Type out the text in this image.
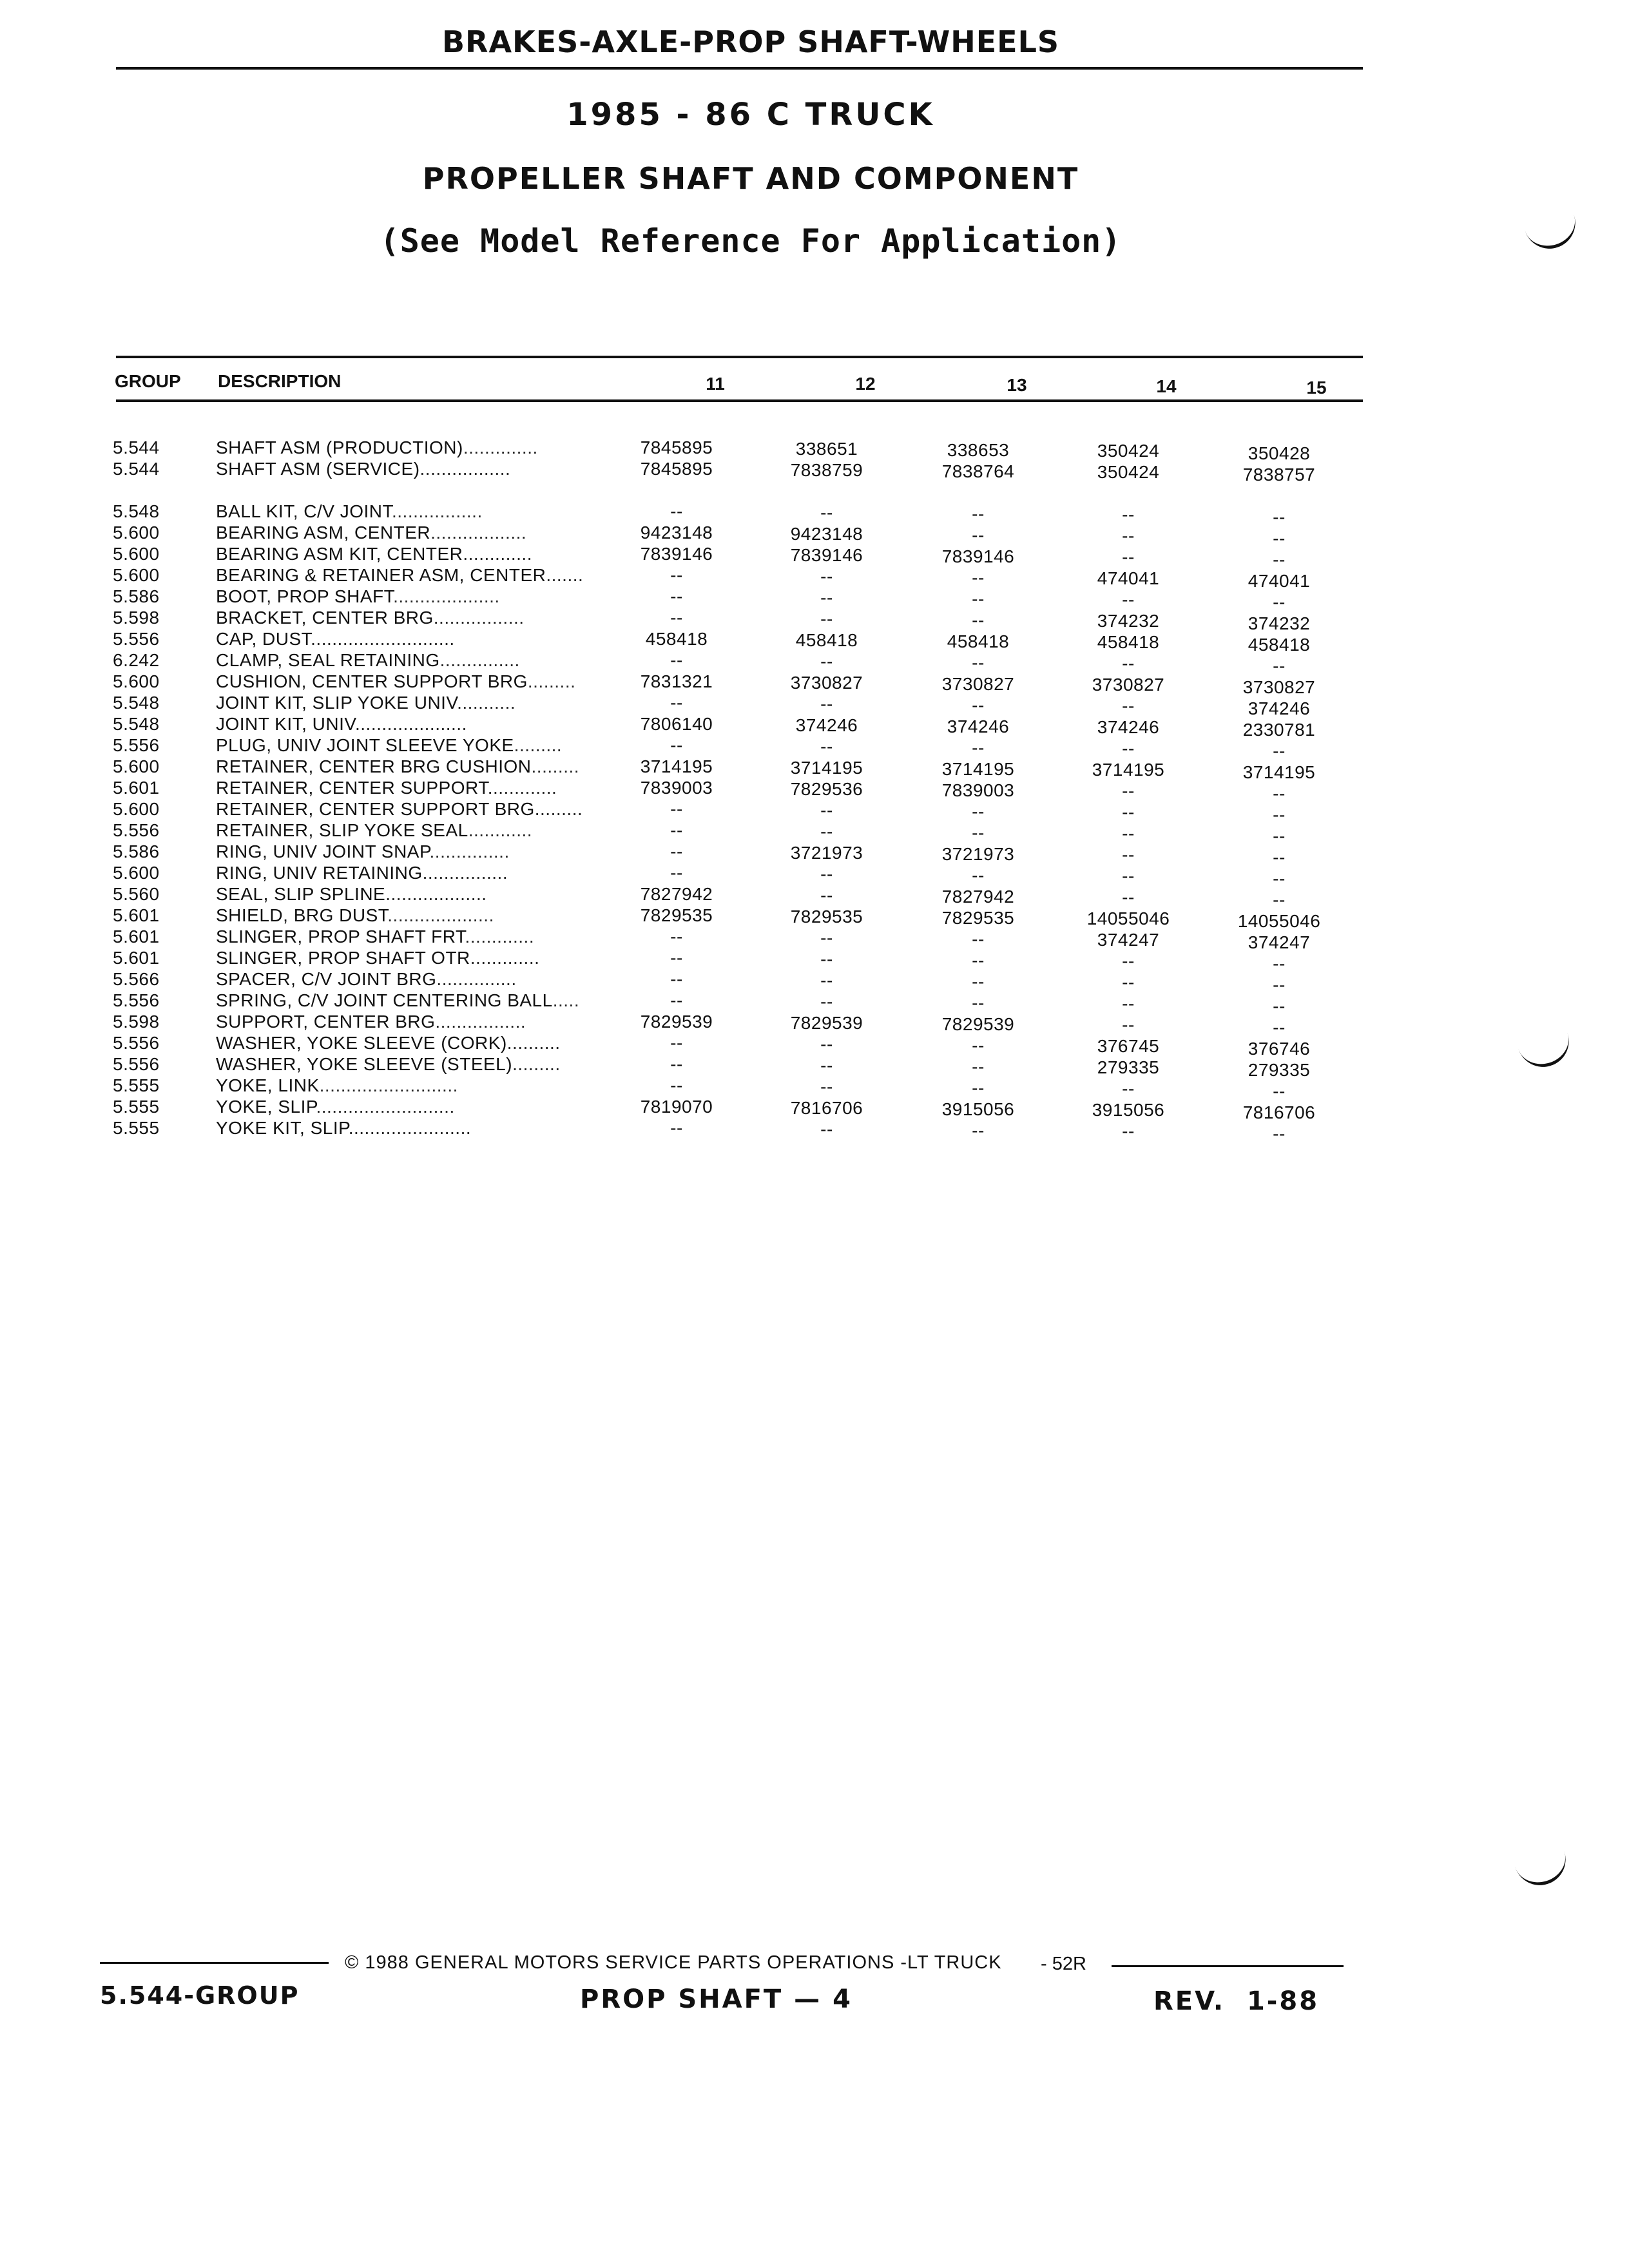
BRAKES-AXLE-PROP SHAFT-WHEELS
1985 - 86 C TRUCK
PROPELLER SHAFT AND COMPONENT
(See Model Reference For Application)
GROUP DESCRIPTION	11	12	13	14	15
5.544	SHAFT ASM (PRODUCTION)..............	7845895	338651	338653	350424	350428
5.544	SHAFT ASM (SERVICE).................	7845895	7838759	7838764	350424	7838757
5.548	BALL KIT, C/V JOINT.................	--	--	--	--	--
5.600	BEARING ASM, CENTER..................	9423148	9423148	--	--	--
5.600	BEARING ASM KIT, CENTER.............	7839146	7839146	7839146	--	--
5.600	BEARING & RETAINER ASM, CENTER.......	--	--	--	474041	474041
5.586	BOOT, PROP SHAFT....................	--	--	--	--	--
5.598	BRACKET, CENTER BRG.................	--	--	--	374232	374232
5.556	CAP, DUST...........................	458418	458418	458418	458418	458418
6.242	CLAMP, SEAL RETAINING...............	--	--	--	--	--
5.600	CUSHION, CENTER SUPPORT BRG.........	7831321	3730827	3730827	3730827	3730827
5.548	JOINT KIT, SLIP YOKE UNIV...........	--	--	--	--	374246
5.548	JOINT KIT, UNIV.....................	7806140	374246	374246	374246	2330781
5.556	PLUG, UNIV JOINT SLEEVE YOKE.........	--	--	--	--	--
5.600	RETAINER, CENTER BRG CUSHION.........	3714195	3714195	3714195	3714195	3714195
5.601	RETAINER, CENTER SUPPORT.............	7839003	7829536	7839003	--	--
5.600	RETAINER, CENTER SUPPORT BRG.........	--	--	--	--	--
5.556	RETAINER, SLIP YOKE SEAL............	--	--	--	--	--
5.586	RING, UNIV JOINT SNAP...............	--	3721973	3721973	--	--
5.600	RING, UNIV RETAINING................	--	--	--	--	--
5.560	SEAL, SLIP SPLINE...................	7827942	--	7827942	--	--
5.601	SHIELD, BRG DUST....................	7829535	7829535	7829535	14055046	14055046
5.601	SLINGER, PROP SHAFT FRT.............	--	--	--	374247	374247
5.601	SLINGER, PROP SHAFT OTR.............	--	--	--	--	--
5.566	SPACER, C/V JOINT BRG...............	--	--	--	--	--
5.556	SPRING, C/V JOINT CENTERING BALL.....	--	--	--	--	--
5.598	SUPPORT, CENTER BRG.................	7829539	7829539	7829539	--	--
5.556	WASHER, YOKE SLEEVE (CORK)..........	--	--	--	376745	376746
5.556	WASHER, YOKE SLEEVE (STEEL).........	--	--	--	279335	279335
5.555	YOKE, LINK..........................	--	--	--	--	--
5.555	YOKE, SLIP..........................	7819070	7816706	3915056	3915056	7816706
5.555	YOKE KIT, SLIP.......................	--	--	--	--	--
© 1988 GENERAL MOTORS SERVICE PARTS OPERATIONS -LT TRUCK - 52R
5.544-GROUP	PROP SHAFT — 4	REV.  1-88
